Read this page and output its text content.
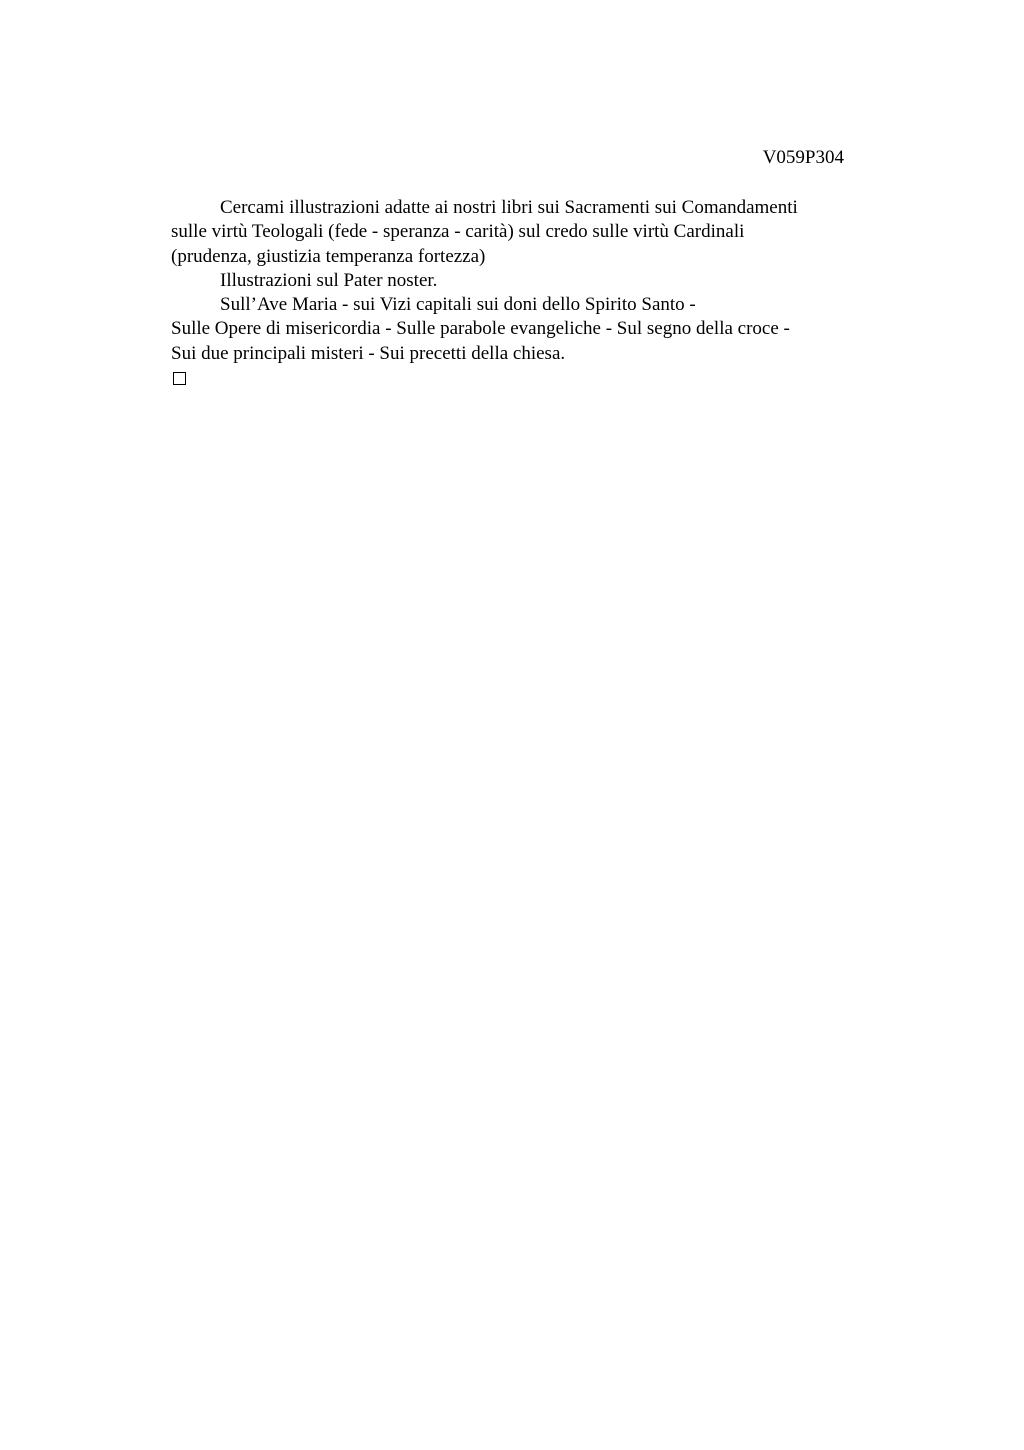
V059P304
Cercami illustrazioni adatte ai nostri libri sui Sacramenti sui Comandamenti
sulle virtù Teologali (fede - speranza - carità) sul credo sulle virtù Cardinali
(prudenza, giustizia temperanza fortezza)
Illustrazioni sul Pater noster.
Sull’Ave Maria - sui Vizi capitali sui doni dello Spirito Santo -
Sulle Opere di misericordia - Sulle parabole evangeliche - Sul segno della croce -
Sui due principali misteri - Sui precetti della chiesa.
